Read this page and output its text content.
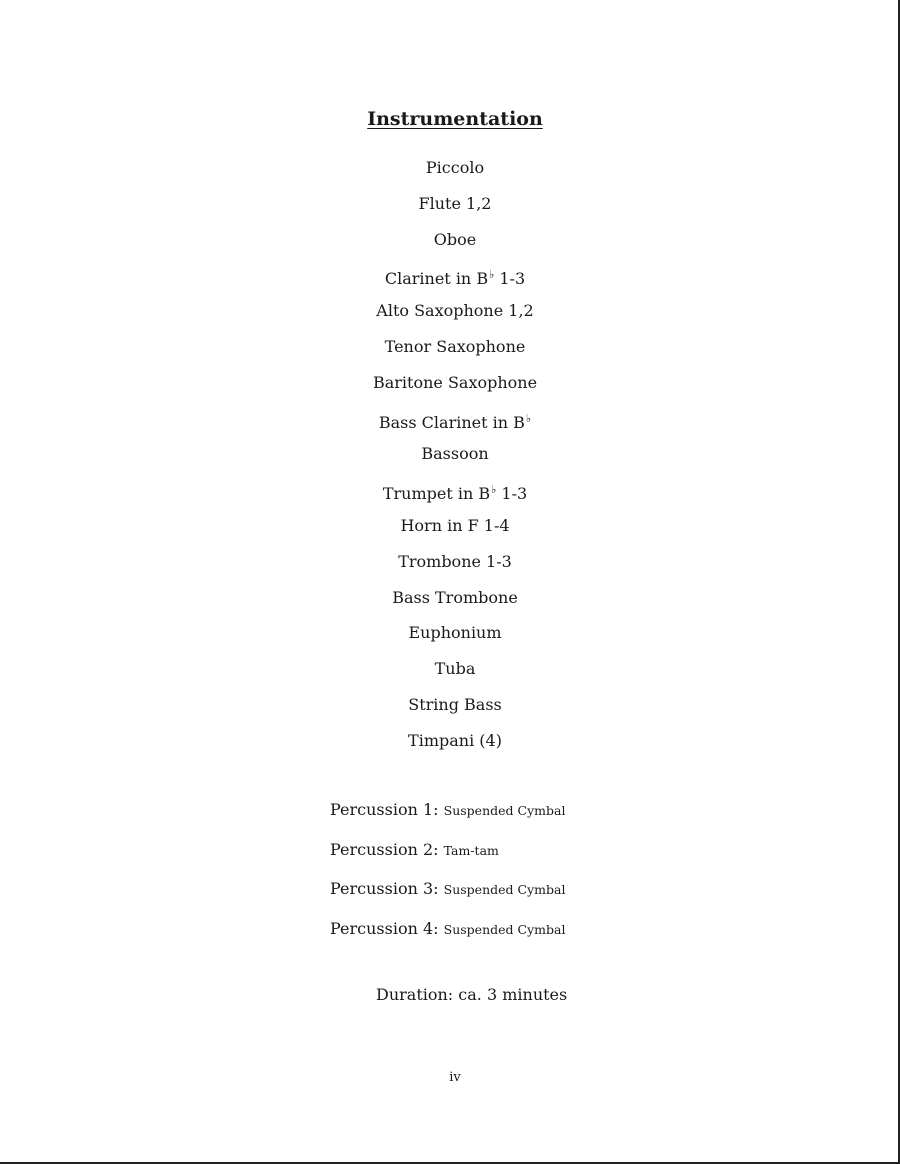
Instrumentation
Piccolo
Flute 1,2
Oboe
Clarinet in B♭ 1-3
Alto Saxophone 1,2
Tenor Saxophone
Baritone Saxophone
Bass Clarinet in B♭
Bassoon
Trumpet in B♭ 1-3
Horn in F 1-4
Trombone 1-3
Bass Trombone
Euphonium
Tuba
String Bass
Timpani (4)
Percussion 1: Suspended Cymbal
Percussion 2: Tam-tam
Percussion 3: Suspended Cymbal
Percussion 4: Suspended Cymbal
Duration: ca. 3 minutes
iv
